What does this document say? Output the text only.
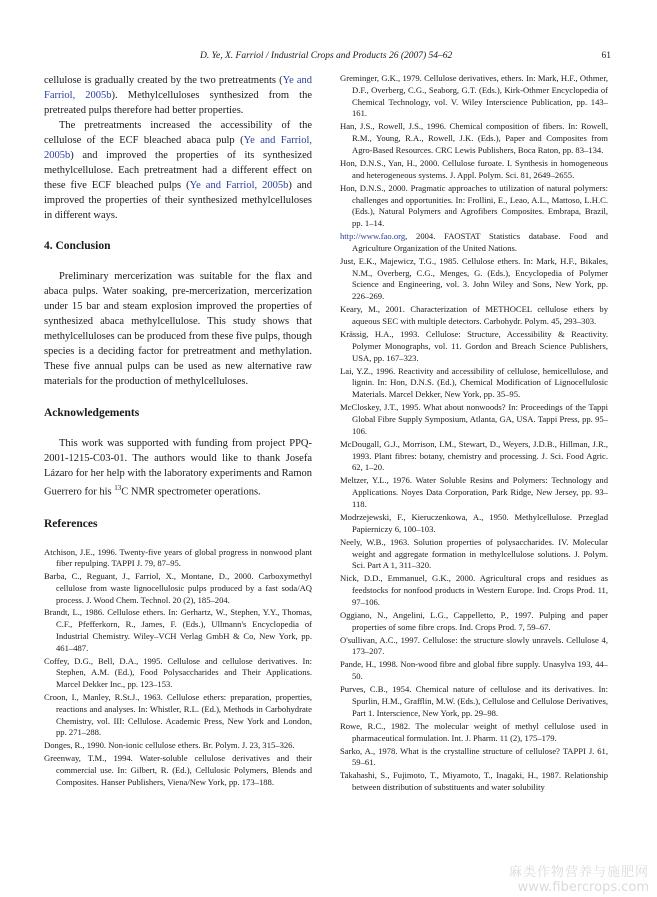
D. Ye, X. Farriol / Industrial Crops and Products 26 (2007) 54–62	61

cellulose is gradually created by the two pretreatments (Ye and Farriol, 2005b). Methylcelluloses synthesized from the pretreated pulps therefore had better properties.

The pretreatments increased the accessibility of the cellulose of the ECF bleached abaca pulp (Ye and Farriol, 2005b) and improved the properties of its synthesized methylcellulose. Each pretreatment had a different effect on these five ECF bleached pulps (Ye and Farriol, 2005b) and improved the properties of their synthesized methylcelluloses in different ways.

4. Conclusion

Preliminary mercerization was suitable for the flax and abaca pulps. Water soaking, pre-mercerization, mercerization under 15 bar and steam explosion improved the properties of synthesized abaca methylcellulose. This study shows that methylcelluloses can be produced from these five pulps, though species is a deciding factor for pretreatment and methylation. These five annual pulps can be used as new alternative raw materials for the production of methylcelluloses.

Acknowledgements

This work was supported with funding from project PPQ-2001-1215-C03-01. The authors would like to thank Josefa Lázaro for her help with the laboratory experiments and Ramon Guerrero for his $^{13}$C NMR spectrometer operations.

References
Atchison, J.E., 1996. Twenty-five years of global progress in nonwood plant fiber repulping. TAPPI J. 79, 87–95.
Barba, C., Reguant, J., Farriol, X., Montane, D., 2000. Carboxymethyl cellulose from waste lignocellulosic pulps produced by a fast soda/AQ process. J. Wood Chem. Technol. 20 (2), 185–204.
Brandt, L., 1986. Cellulose ethers. In: Gerhartz, W., Stephen, Y.Y., Thomas, C.F., Pfefferkorn, R., James, F. (Eds.), Ullmann's Encyclopedia of Industrial Chemistry. Wiley–VCH Verlag GmbH & Co, New York, pp. 461–487.
Coffey, D.G., Bell, D.A., 1995. Cellulose and cellulose derivatives. In: Stephen, A.M. (Ed.), Food Polysaccharides and Their Applications. Marcel Dekker Inc., pp. 123–153.
Croon, I., Manley, R.St.J., 1963. Cellulose ethers: preparation, properties, reactions and analyses. In: Whistler, R.L. (Ed.), Methods in Carbohydrate Chemistry, vol. III: Cellulose. Academic Press, New York and London, pp. 271–288.
Donges, R., 1990. Non-ionic cellulose ethers. Br. Polym. J. 23, 315–326.
Greenway, T.M., 1994. Water-soluble cellulose derivatives and their commercial use. In: Gilbert, R. (Ed.), Cellulosic Polymers, Blends and Composites. Hanser Publishers, Viena/New York, pp. 173–188.
Greminger, G.K., 1979. Cellulose derivatives, ethers. In: Mark, H.F., Othmer, D.F., Overberg, C.G., Seaborg, G.T. (Eds.), Kirk-Othmer Encyclopedia of Chemical Technology, vol. V. Wiley Interscience Publication, pp. 143–161.
Han, J.S., Rowell, J.S., 1996. Chemical composition of fibers. In: Rowell, R.M., Young, R.A., Rowell, J.K. (Eds.), Paper and Composites from Agro-Based Resources. CRC Lewis Publishers, Boca Raton, pp. 83–134.
Hon, D.N.S., Yan, H., 2000. Cellulose furoate. I. Synthesis in homogeneous and heterogeneous systems. J. Appl. Polym. Sci. 81, 2649–2655.
Hon, D.N.S., 2000. Pragmatic approaches to utilization of natural polymers: challenges and opportunities. In: Frollini, E., Leao, A.L., Mattoso, L.H.C. (Eds.), Natural Polymers and Agrofibers Composites. Embrapa, Brazil, pp. 1–14.
http://www.fao.org, 2004. FAOSTAT Statistics database. Food and Agriculture Organization of the United Nations.
Just, E.K., Majewicz, T.G., 1985. Cellulose ethers. In: Mark, H.F., Bikales, N.M., Overberg, C.G., Menges, G. (Eds.), Encyclopedia of Polymer Science and Engineering, vol. 3. John Wiley and Sons, New York, pp. 226–269.
Keary, M., 2001. Characterization of METHOCEL cellulose ethers by aqueous SEC with multiple detectors. Carbohydr. Polym. 45, 293–303.
Krässig, H.A., 1993. Cellulose: Structure, Accessibility & Reactivity. Polymer Monographs, vol. 11. Gordon and Breach Science Publishers, USA, pp. 167–323.
Lai, Y.Z., 1996. Reactivity and accessibility of cellulose, hemicellulose, and lignin. In: Hon, D.N.S. (Ed.), Chemical Modification of Lignocellulosic Materials. Marcel Dekker, New York, pp. 35–95.
McCloskey, J.T., 1995. What about nonwoods? In: Proceedings of the Tappi Global Fibre Supply Symposium, Atlanta, GA, USA. Tappi Press, pp. 95–106.
McDougall, G.J., Morrison, I.M., Stewart, D., Weyers, J.D.B., Hillman, J.R., 1993. Plant fibres: botany, chemistry and processing. J. Sci. Food Agric. 62, 1–20.
Meltzer, Y.L., 1976. Water Soluble Resins and Polymers: Technology and Applications. Noyes Data Corporation, Park Ridge, New Jersey, pp. 93–118.
Modrzejewski, F., Kieruczenkowa, A., 1950. Methylcellulose. Przeglad Papierniczy 6, 100–103.
Neely, W.B., 1963. Solution properties of polysaccharides. IV. Molecular weight and aggregate formation in methylcellulose solutions. J. Polym. Sci. Part A 1, 311–320.
Nick, D.D., Emmanuel, G.K., 2000. Agricultural crops and residues as feedstocks for nonfood products in Western Europe. Ind. Crops Prod. 11, 97–106.
Oggiano, N., Angelini, L.G., Cappelletto, P., 1997. Pulping and paper properties of some fibre crops. Ind. Crops Prod. 7, 59–67.
O'sullivan, A.C., 1997. Cellulose: the structure slowly unravels. Cellulose 4, 173–207.
Pande, H., 1998. Non-wood fibre and global fibre supply. Unasylva 193, 44–50.
Purves, C.B., 1954. Chemical nature of cellulose and its derivatives. In: Spurlin, H.M., Grafflin, M.W. (Eds.), Cellulose and Cellulose Derivatives, Part 1. Interscience, New York, pp. 29–98.
Rowe, R.C., 1982. The molecular weight of methyl cellulose used in pharmaceutical formulation. Int. J. Pharm. 11 (2), 175–179.
Sarko, A., 1978. What is the crystalline structure of cellulose? TAPPI J. 61, 59–61.
Takahashi, S., Fujimoto, T., Miyamoto, T., Inagaki, H., 1987. Relationship between distribution of substituents and water solubility
麻类作物营养与施肥网
www.fibercrops.com
